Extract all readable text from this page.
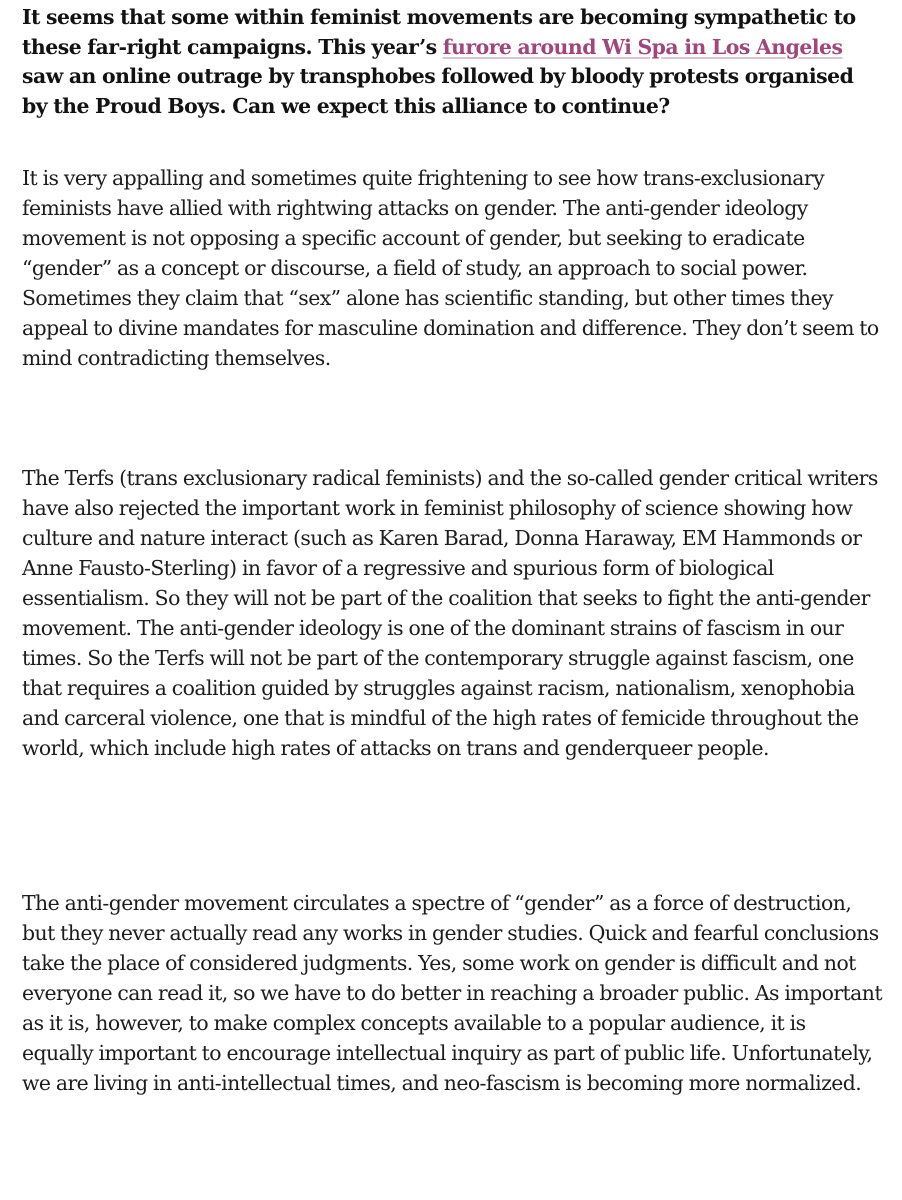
It seems that some within feminist movements are becoming sympathetic to these far-right campaigns. This year’s furore around Wi Spa in Los Angeles saw an online outrage by transphobes followed by bloody protests organised by the Proud Boys. Can we expect this alliance to continue?

It is very appalling and sometimes quite frightening to see how trans-exclusionary feminists have allied with rightwing attacks on gender. The anti-gender ideology movement is not opposing a specific account of gender, but seeking to eradicate “gender” as a concept or discourse, a field of study, an approach to social power. Sometimes they claim that “sex” alone has scientific standing, but other times they appeal to divine mandates for masculine domination and difference. They don’t seem to mind contradicting themselves.

The Terfs (trans exclusionary radical feminists) and the so-called gender critical writers have also rejected the important work in feminist philosophy of science showing how culture and nature interact (such as Karen Barad, Donna Haraway, EM Hammonds or Anne Fausto-Sterling) in favor of a regressive and spurious form of biological essentialism. So they will not be part of the coalition that seeks to fight the anti-gender movement. The anti-gender ideology is one of the dominant strains of fascism in our times. So the Terfs will not be part of the contemporary struggle against fascism, one that requires a coalition guided by struggles against racism, nationalism, xenophobia and carceral violence, one that is mindful of the high rates of femicide throughout the world, which include high rates of attacks on trans and genderqueer people.

The anti-gender movement circulates a spectre of “gender” as a force of destruction, but they never actually read any works in gender studies. Quick and fearful conclusions take the place of considered judgments. Yes, some work on gender is difficult and not everyone can read it, so we have to do better in reaching a broader public. As important as it is, however, to make complex concepts available to a popular audience, it is equally important to encourage intellectual inquiry as part of public life. Unfortunately, we are living in anti-intellectual times, and neo-fascism is becoming more normalized.
